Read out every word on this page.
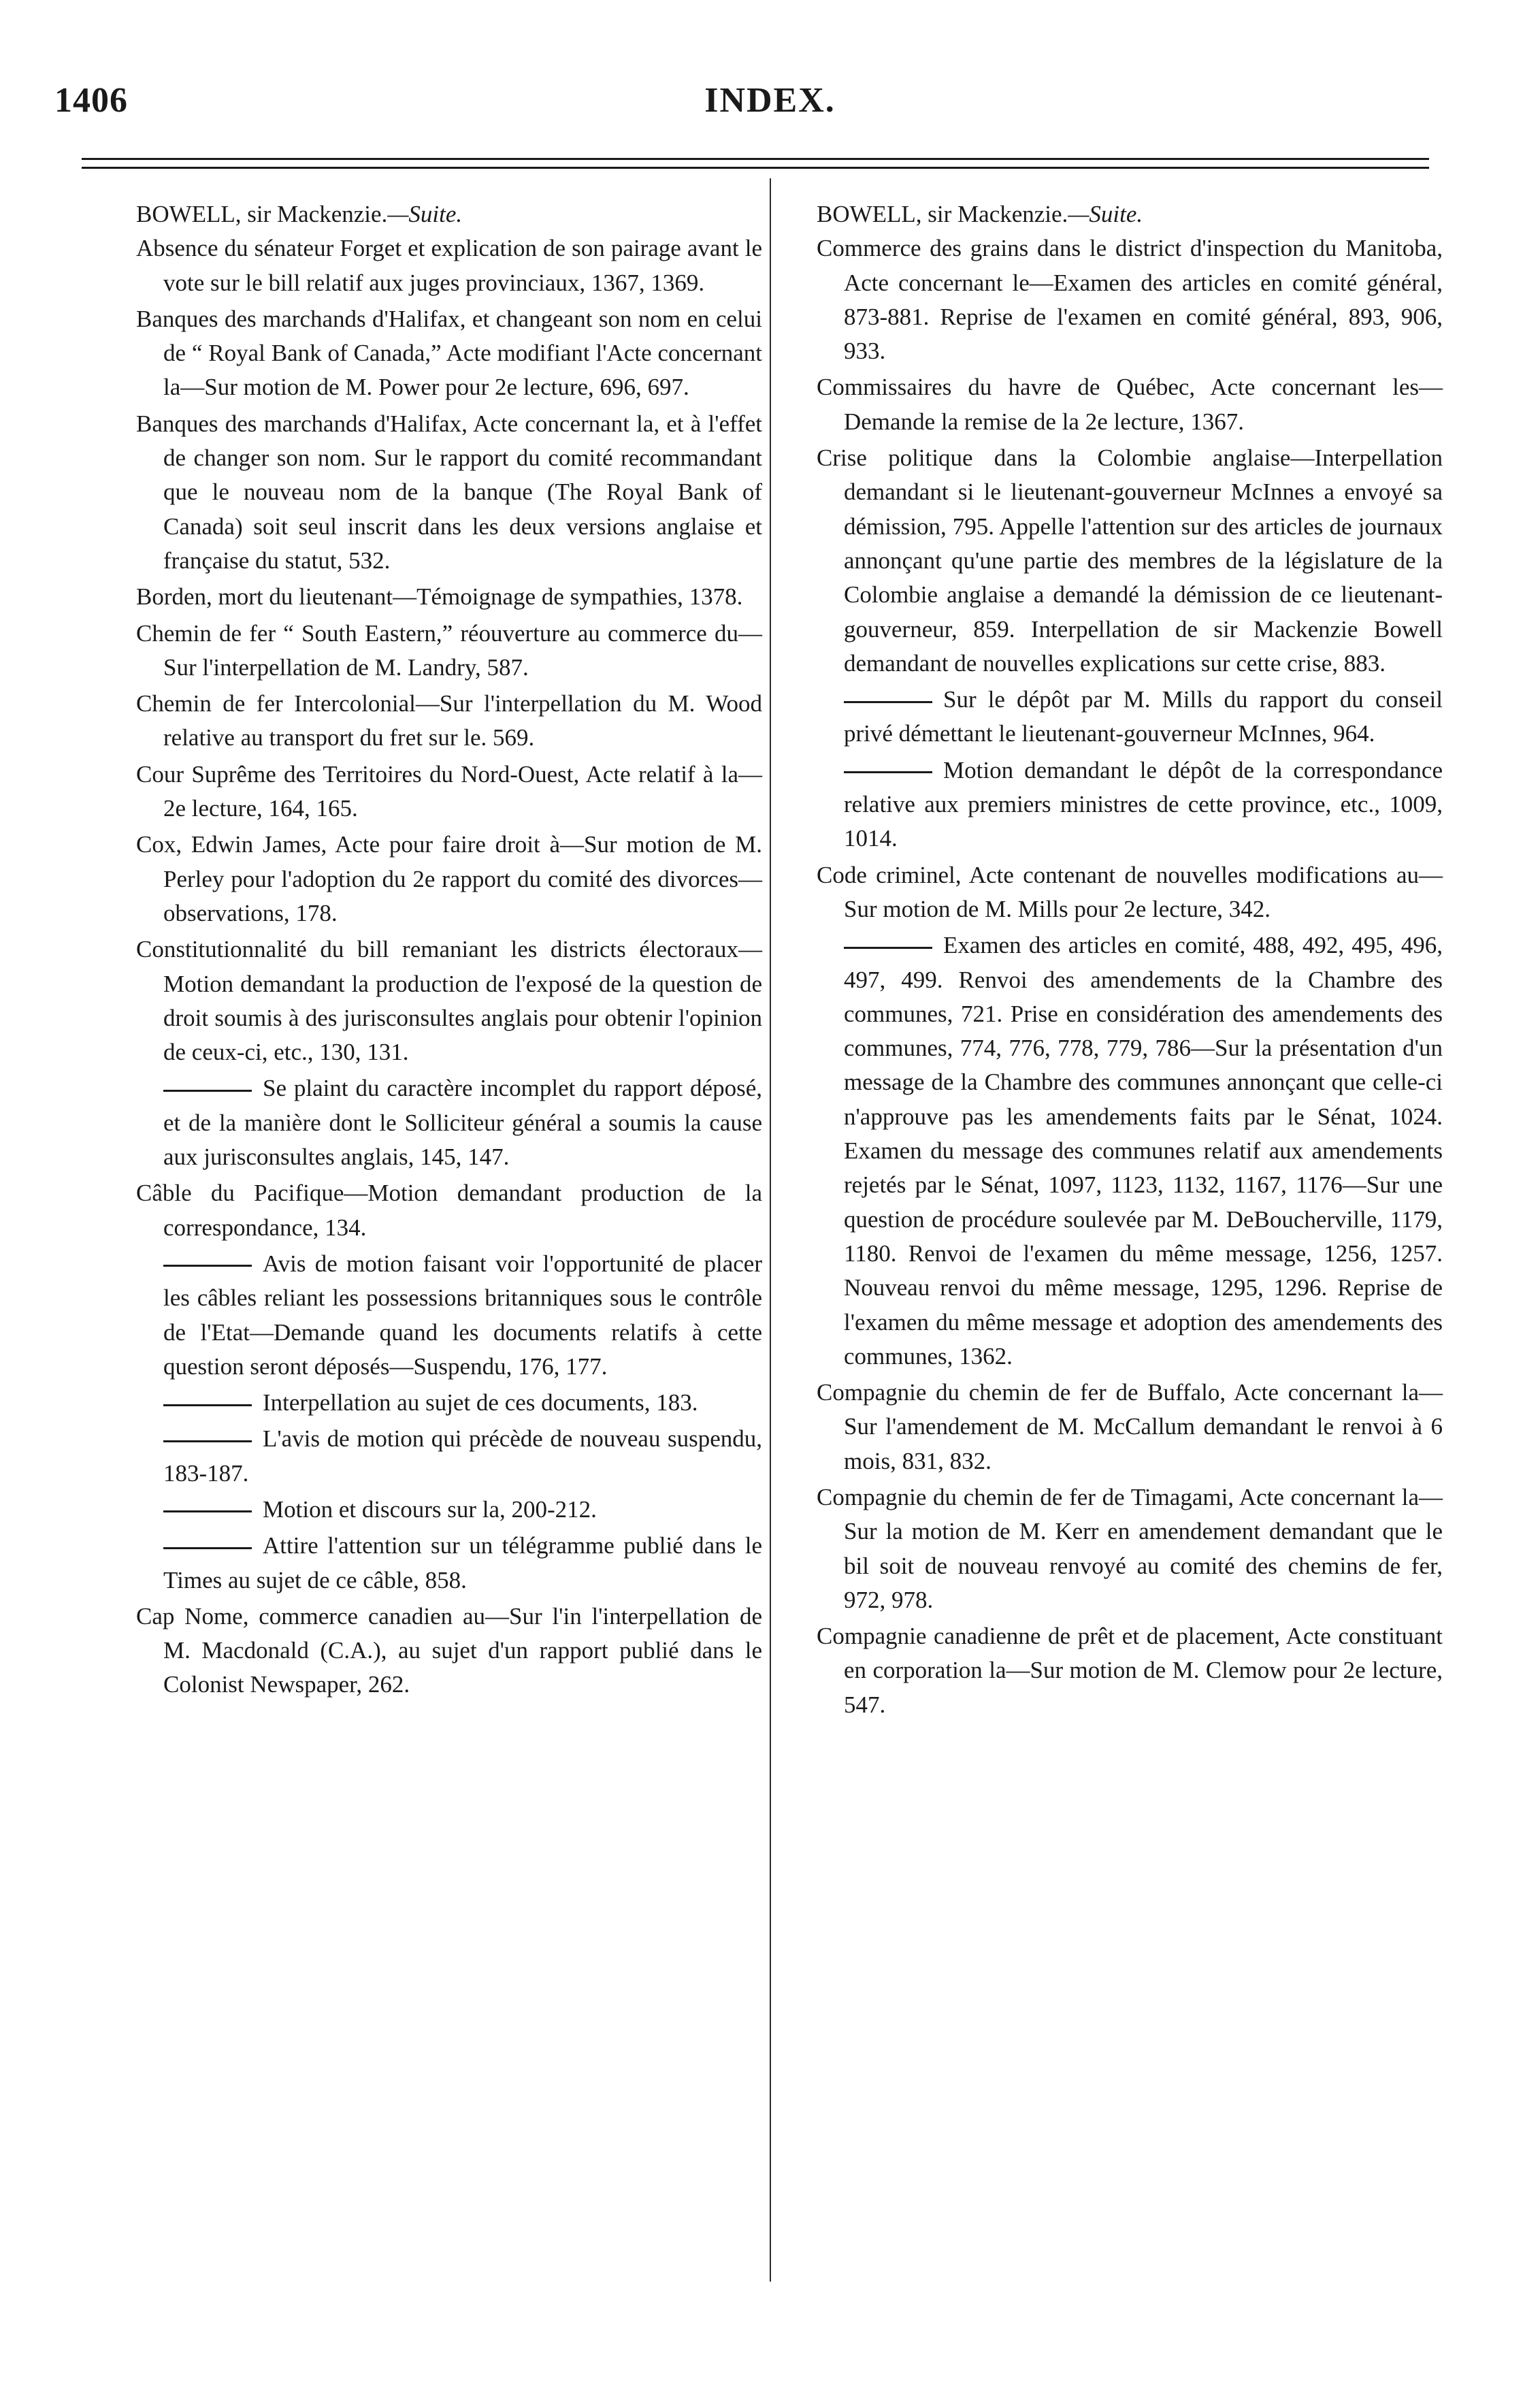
1406	INDEX.

BOWELL, sir Mackenzie.—Suite.

Absence du sénateur Forget et explication de son pairage avant le vote sur le bill relatif aux juges provinciaux, 1367, 1369.

Banques des marchands d'Halifax, et changeant son nom en celui de “ Royal Bank of Canada,” Acte modifiant l'Acte concernant la—Sur motion de M. Power pour 2e lecture, 696, 697.

Banques des marchands d'Halifax, Acte concernant la, et à l'effet de changer son nom. Sur le rapport du comité recommandant que le nouveau nom de la banque (The Royal Bank of Canada) soit seul inscrit dans les deux versions anglaise et française du statut, 532.

Borden, mort du lieutenant—Témoignage de sympathies, 1378.

Chemin de fer “ South Eastern,” réouverture au commerce du—Sur l'interpellation de M. Landry, 587.

Chemin de fer Intercolonial—Sur l'interpellation du M. Wood relative au transport du fret sur le. 569.

Cour Suprême des Territoires du Nord-Ouest, Acte relatif à la—2e lecture, 164, 165.

Cox, Edwin James, Acte pour faire droit à—Sur motion de M. Perley pour l'adoption du 2e rapport du comité des divorces—observations, 178.

Constitutionnalité du bill remaniant les districts électoraux—Motion demandant la production de l'exposé de la question de droit soumis à des jurisconsultes anglais pour obtenir l'opinion de ceux-ci, etc., 130, 131.

Se plaint du caractère incomplet du rapport déposé, et de la manière dont le Solliciteur général a soumis la cause aux jurisconsultes anglais, 145, 147.

Câble du Pacifique—Motion demandant production de la correspondance, 134.

Avis de motion faisant voir l'opportunité de placer les câbles reliant les possessions britanniques sous le contrôle de l'Etat—Demande quand les documents relatifs à cette question seront déposés—Suspendu, 176, 177.

Interpellation au sujet de ces documents, 183.

L'avis de motion qui précède de nouveau suspendu, 183-187.

Motion et discours sur la, 200-212.

Attire l'attention sur un télégramme publié dans le Times au sujet de ce câble, 858.

Cap Nome, commerce canadien au—Sur l'in l'interpellation de M. Macdonald (C.A.), au sujet d'un rapport publié dans le Colonist Newspaper, 262.

BOWELL, sir Mackenzie.—Suite.

Commerce des grains dans le district d'inspection du Manitoba, Acte concernant le—Examen des articles en comité général, 873-881. Reprise de l'examen en comité général, 893, 906, 933.

Commissaires du havre de Québec, Acte concernant les—Demande la remise de la 2e lecture, 1367.

Crise politique dans la Colombie anglaise—Interpellation demandant si le lieutenant-gouverneur McInnes a envoyé sa démission, 795. Appelle l'attention sur des articles de journaux annonçant qu'une partie des membres de la législature de la Colombie anglaise a demandé la démission de ce lieutenant-gouverneur, 859. Interpellation de sir Mackenzie Bowell demandant de nouvelles explications sur cette crise, 883.

Sur le dépôt par M. Mills du rapport du conseil privé démettant le lieutenant-gouverneur McInnes, 964.

Motion demandant le dépôt de la correspondance relative aux premiers ministres de cette province, etc., 1009, 1014.

Code criminel, Acte contenant de nouvelles modifications au—Sur motion de M. Mills pour 2e lecture, 342.

Examen des articles en comité, 488, 492, 495, 496, 497, 499. Renvoi des amendements de la Chambre des communes, 721. Prise en considération des amendements des communes, 774, 776, 778, 779, 786—Sur la présentation d'un message de la Chambre des communes annonçant que celle-ci n'approuve pas les amendements faits par le Sénat, 1024. Examen du message des communes relatif aux amendements rejetés par le Sénat, 1097, 1123, 1132, 1167, 1176—Sur une question de procédure soulevée par M. DeBoucherville, 1179, 1180. Renvoi de l'examen du même message, 1256, 1257. Nouveau renvoi du même message, 1295, 1296. Reprise de l'examen du même message et adoption des amendements des communes, 1362.

Compagnie du chemin de fer de Buffalo, Acte concernant la—Sur l'amendement de M. McCallum demandant le renvoi à 6 mois, 831, 832.

Compagnie du chemin de fer de Timagami, Acte concernant la—Sur la motion de M. Kerr en amendement demandant que le bil soit de nouveau renvoyé au comité des chemins de fer, 972, 978.

Compagnie canadienne de prêt et de placement, Acte constituant en corporation la—Sur motion de M. Clemow pour 2e lecture, 547.
